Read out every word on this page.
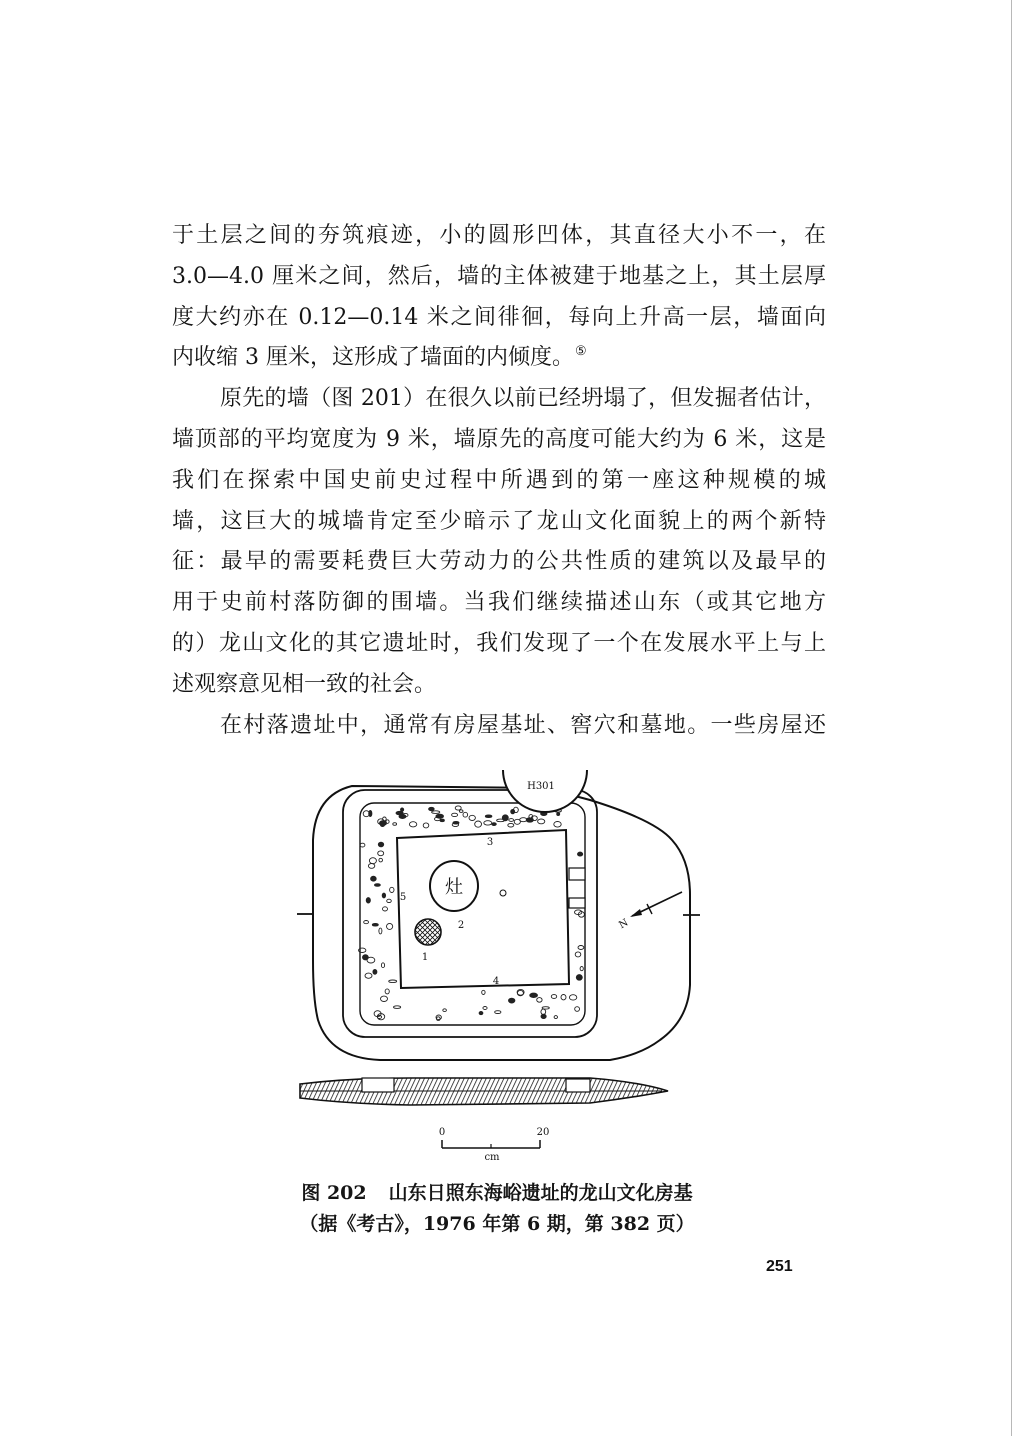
于土层之间的夯筑痕迹，小的圆形凹体，其直径大小不一，在
3.0—4.0 厘米之间，然后，墙的主体被建于地基之上，其土层厚
度大约亦在 0.12—0.14 米之间徘徊，每向上升高一层，墙面向
内收缩 3 厘米，这形成了墙面的内倾度。⑤
原先的墙（图 201）在很久以前已经坍塌了，但发掘者估计，
墙顶部的平均宽度为 9 米，墙原先的高度可能大约为 6 米，这是
我们在探索中国史前史过程中所遇到的第一座这种规模的城
墙，这巨大的城墙肯定至少暗示了龙山文化面貌上的两个新特
征：最早的需要耗费巨大劳动力的公共性质的建筑以及最早的
用于史前村落防御的围墙。当我们继续描述山东（或其它地方
的）龙山文化的其它遗址时，我们发现了一个在发展水平上与上
述观察意见相一致的社会。
在村落遗址中，通常有房屋基址、窖穴和墓地。一些房屋还
H301
灶
3
5
2
1
4
N
0	20
cm
图 202 山东日照东海峪遗址的龙山文化房基
（据《考古》，1976 年第 6 期，第 382 页）
251
